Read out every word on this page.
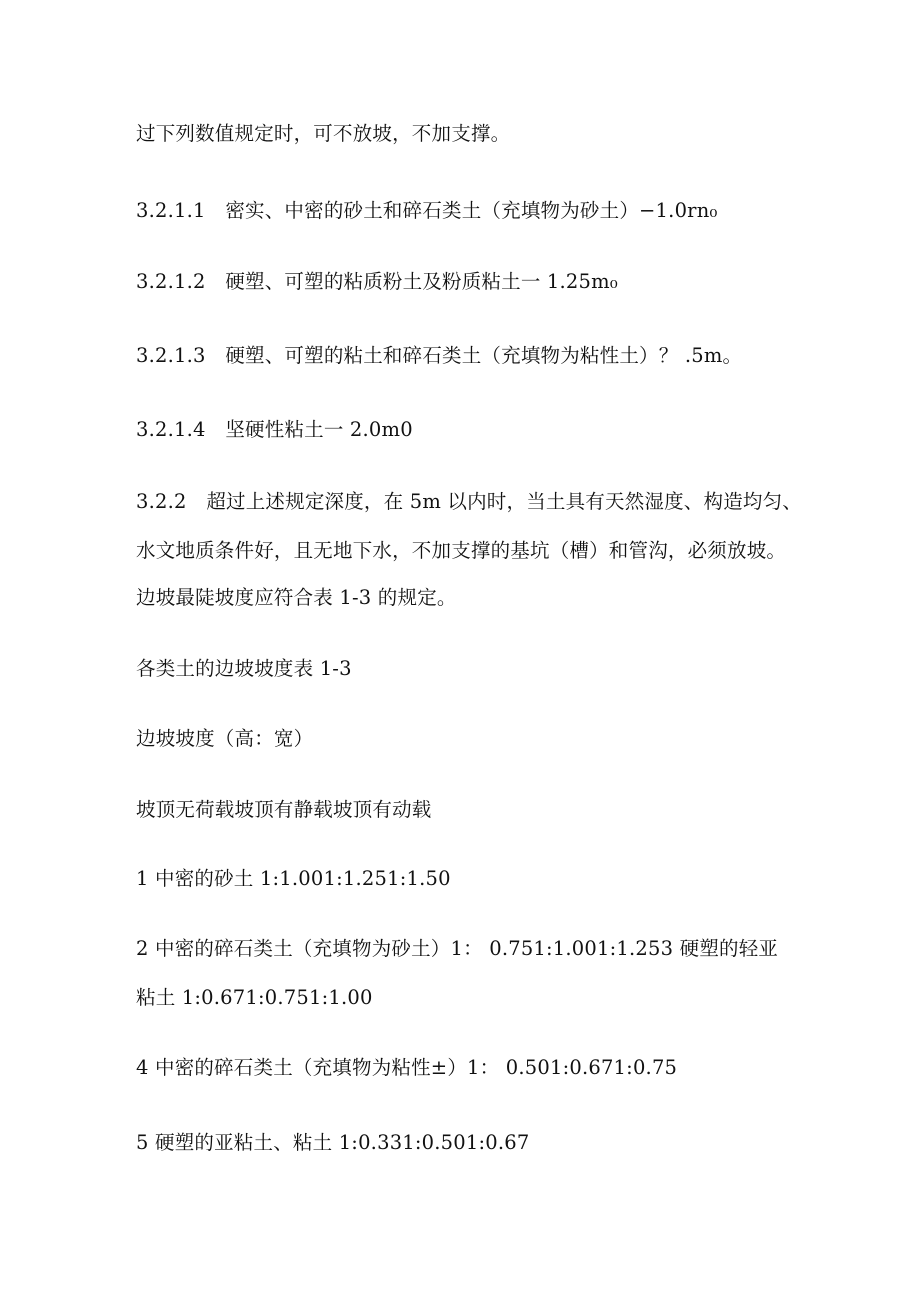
过下列数值规定时，可不放坡，不加支撑。
3.2.1.1　密实、中密的砂土和碎石类土（充填物为砂土）−1.0rn₀
3.2.1.2　硬塑、可塑的粘质粉土及粉质粘土一 1.25m₀
3.2.1.3　硬塑、可塑的粘土和碎石类土（充填物为粘性土）？ .5m。
3.2.1.4　坚硬性粘土一 2.0m0
3.2.2　超过上述规定深度，在 5m 以内时，当土具有天然湿度、构造均匀、
水文地质条件好，且无地下水，不加支撑的基坑（槽）和管沟，必须放坡。
边坡最陡坡度应符合表 1-3 的规定。
各类土的边坡坡度表 1-3
边坡坡度（高：宽）
坡顶无荷载坡顶有静载坡顶有动载
1 中密的砂土 1:1.001:1.251:1.50
2 中密的碎石类土（充填物为砂土）1： 0.751:1.001:1.253 硬塑的轻亚
粘土 1:0.671:0.751:1.00
4 中密的碎石类土（充填物为粘性±）1： 0.501:0.671:0.75
5 硬塑的亚粘土、粘土 1:0.331:0.501:0.67
